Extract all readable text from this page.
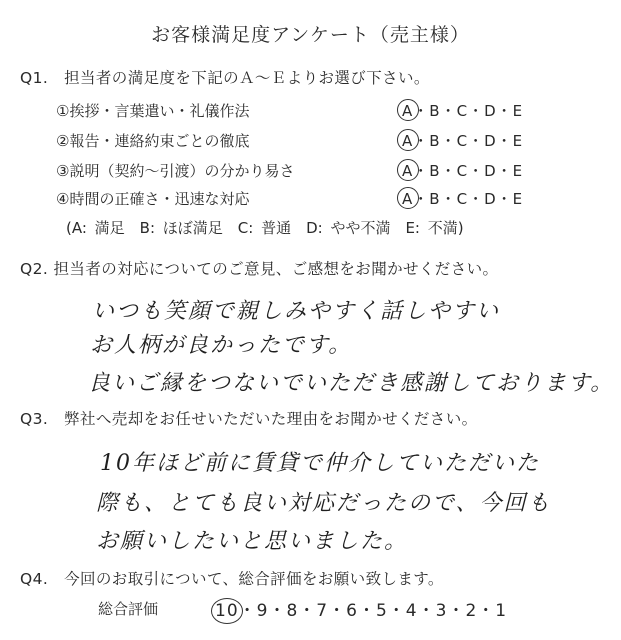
お客様満足度アンケート（売主様）
Q1.　担当者の満足度を下記のＡ～Ｅよりお選び下さい。
①挨拶・言葉遣い・礼儀作法	A・B・C・D・E
②報告・連絡約束ごとの徹底	A・B・C・D・E
③説明（契約～引渡）の分かり易さ	A・B・C・D・E
④時間の正確さ・迅速な対応	A・B・C・D・E
(A: 満足　B: ほぼ満足　C: 普通　D: やや不満　E: 不満)
Q2. 担当者の対応についてのご意見、ご感想をお聞かせください。
いつも笑顔で親しみやすく話しやすい
お人柄が良かったです。
良いご縁をつないでいただき感謝しております。
Q3.　弊社へ売却をお任せいただいた理由をお聞かせください。
10年ほど前に賃貸で仲介していただいた
際も、とても良い対応だったので、今回も
お願いしたいと思いました。
Q4.　今回のお取引について、総合評価をお願い致します。
総合評価	10・9・8・7・6・5・4・3・2・1
